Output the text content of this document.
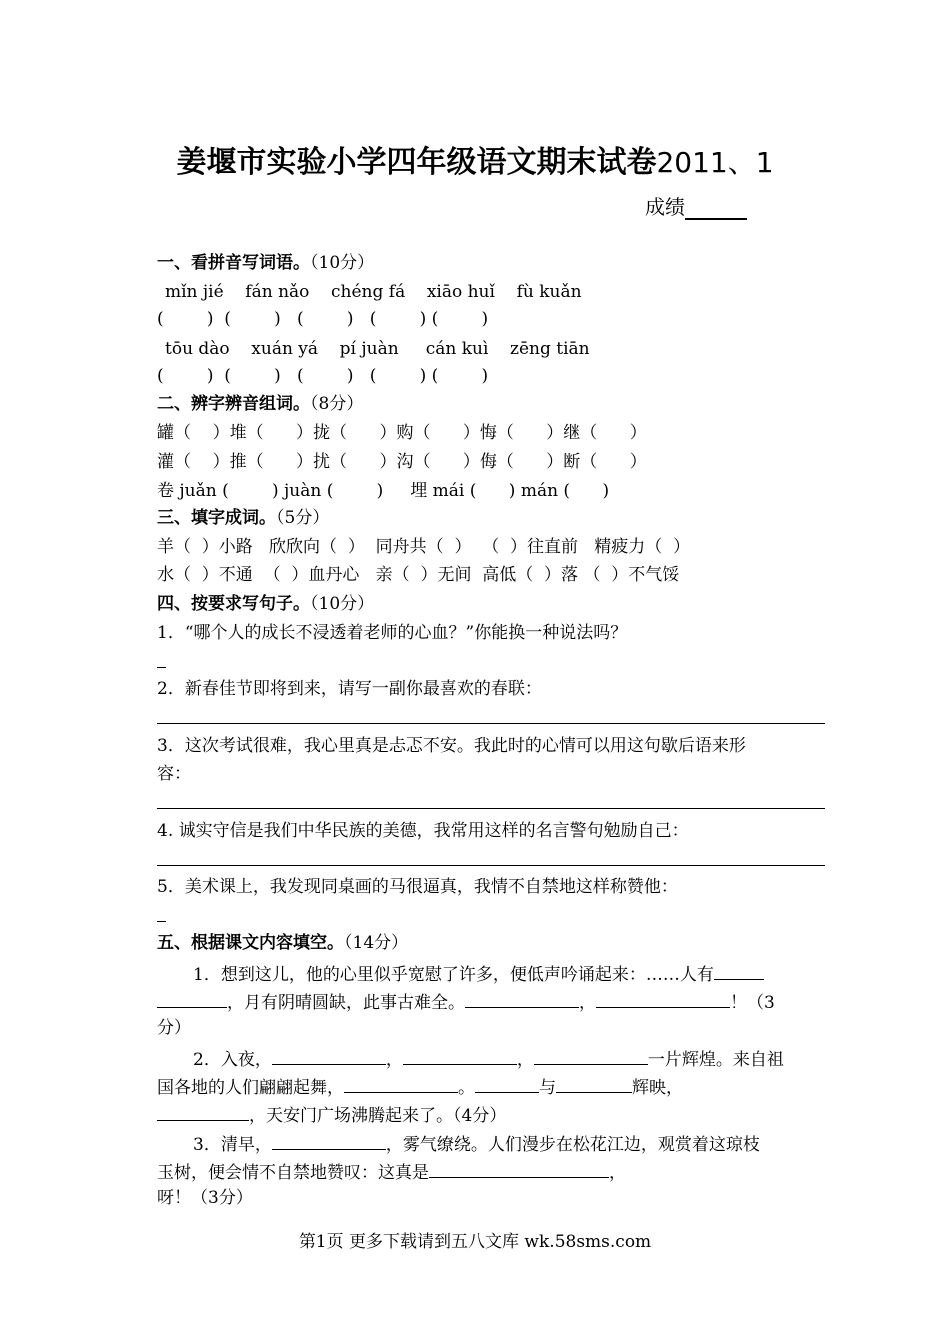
姜堰市实验小学四年级语文期末试卷2011、1
成绩
一、看拼音写词语。（10分）
mǐn jié    fán nǎo    chéng fá    xiāo huǐ    fù kuǎn
(        )  (        )   (        )   (        ) (        )
tōu dào    xuán yá    pí juàn     cán kuì    zēng tiān
(        )  (        )   (        )   (        ) (        )
二、辨字辨音组词。（8分）
罐（    ）堆（      ）拢（      ）购（      ）悔（      ）继（      ）
灌（    ）推（      ）扰（      ）沟（      ）侮（      ）断（      ）
卷 juǎn (        ) juàn (        )     埋 mái (      ) mán (      )
三、填字成词。（5分）
羊（  ）小路   欣欣向（  ）  同舟共（  ）  （  ）往直前   精疲力（  ）
水（  ）不通  （  ）血丹心   亲（  ）无间  高低（  ）落 （  ）不气馁
四、按要求写句子。（10分）
1．“哪个人的成长不浸透着老师的心血？”你能换一种说法吗？
2．新春佳节即将到来，请写一副你最喜欢的春联：
3．这次考试很难，我心里真是忐忑不安。我此时的心情可以用这句歇后语来形
容：
4. 诚实守信是我们中华民族的美德，我常用这样的名言警句勉励自己：
5．美术课上，我发现同桌画的马很逼真，我情不自禁地这样称赞他：
五、根据课文内容填空。（14分）
1．想到这儿，他的心里似乎宽慰了许多，便低声吟诵起来：……人有
，月有阴晴圆缺，此事古难全。	，	！（3
分）
2．入夜，	，	，	一片辉煌。来自祖
国各地的人们翩翩起舞，	。	与	辉映，
，天安门广场沸腾起来了。（4分）
3．清早，	，雾气缭绕。人们漫步在松花江边，观赏着这琼枝
玉树，便会情不自禁地赞叹：这真是	，
呀！（3分）
第1页 更多下载请到五八文库 wk.58sms.com
